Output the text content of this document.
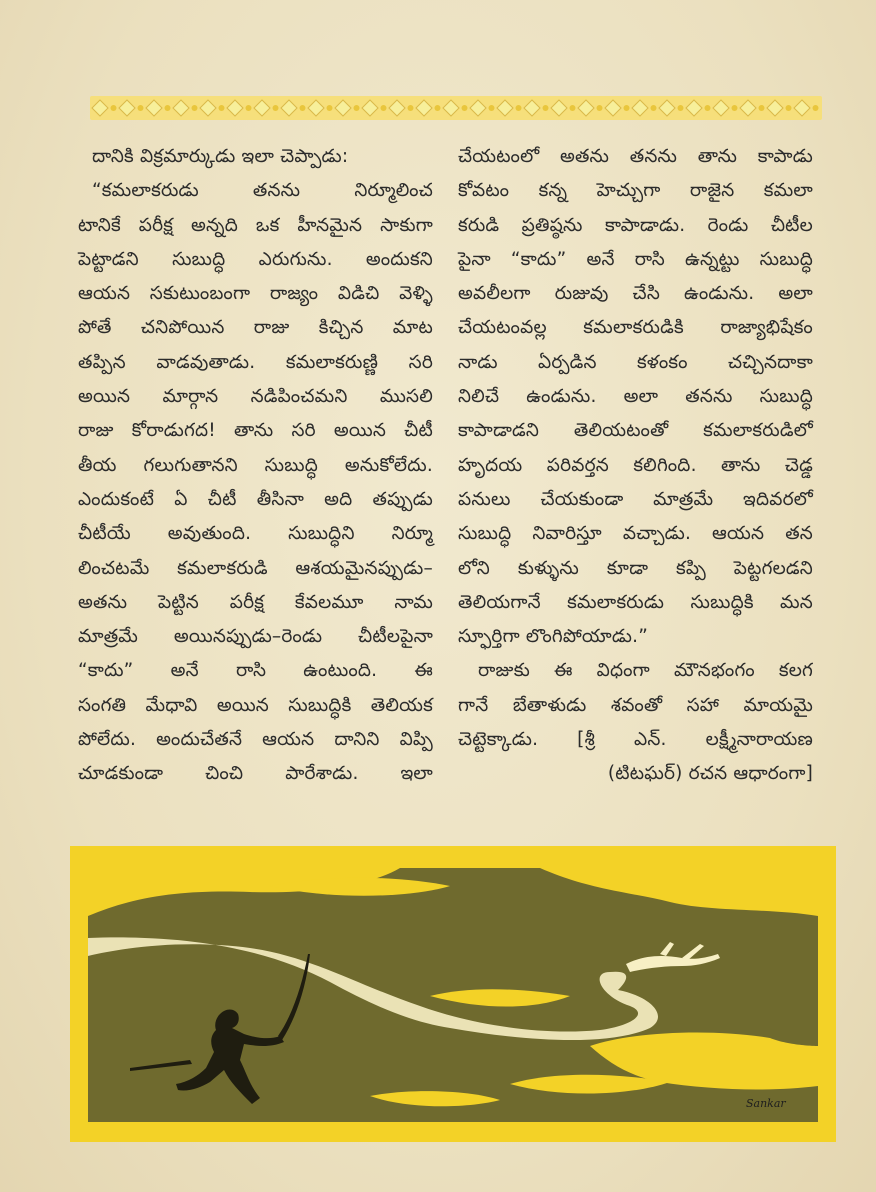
దానికి విక్రమార్కుడు ఇలా చెప్పాడు:
“కమలాకరుడు తనను నిర్మూలించ
టానికే పరీక్ష అన్నది ఒక హీనమైన సాకుగా
పెట్టాడని సుబుద్ధి ఎరుగును. అందుకని
ఆయన సకుటుంబంగా రాజ్యం విడిచి వెళ్ళి
పోతే చనిపోయిన రాజు కిచ్చిన మాట
తప్పిన వాడవుతాడు. కమలాకరుణ్ణి సరి
అయిన మార్గాన నడిపించమని ముసలి
రాజు కోరాడుగద! తాను సరి అయిన చీటీ
తీయ గలుగుతానని సుబుద్ధి అనుకోలేదు.
ఎందుకంటే ఏ చీటీ తీసినా అది తప్పుడు
చీటీయే అవుతుంది. సుబుద్ధిని నిర్మూ
లించటమే కమలాకరుడి ఆశయమైనప్పుడు–
అతను పెట్టిన పరీక్ష కేవలమూ నామ
మాత్రమే అయినప్పుడు–రెండు చీటీలపైనా
“కాదు” అనే రాసి ఉంటుంది. ఈ
సంగతి మేధావి అయిన సుబుద్ధికి తెలియక
పోలేదు. అందుచేతనే ఆయన దానిని విప్పి
చూడకుండా చించి పారేశాడు. ఇలా
చేయటంలో అతను తనను తాను కాపాడు
కోవటం కన్న హెచ్చుగా రాజైన కమలా
కరుడి ప్రతిష్ఠను కాపాడాడు. రెండు చీటీల
పైనా “కాదు” అనే రాసి ఉన్నట్టు సుబుద్ధి
అవలీలగా రుజువు చేసి ఉండును. అలా
చేయటంవల్ల కమలాకరుడికి రాజ్యాభిషేకం
నాడు ఏర్పడిన కళంకం చచ్చినదాకా
నిలిచే ఉండును. అలా తనను సుబుద్ధి
కాపాడాడని తెలియటంతో కమలాకరుడిలో
హృదయ పరివర్తన కలిగింది. తాను చెడ్డ
పనులు చేయకుండా మాత్రమే ఇదివరలో
సుబుద్ధి నివారిస్తూ వచ్చాడు. ఆయన తన
లోని కుళ్ళును కూడా కప్పి పెట్టగలడని
తెలియగానే కమలాకరుడు సుబుద్ధికి మన
స్ఫూర్తిగా లొంగిపోయాడు.”
రాజుకు ఈ విధంగా మౌనభంగం కలగ
గానే బేతాళుడు శవంతో సహా మాయమై
చెట్టెక్కాడు. [శ్రీ ఎన్. లక్ష్మీనారాయణ
(టిటఘర్) రచన ఆధారంగా]
Sankar
